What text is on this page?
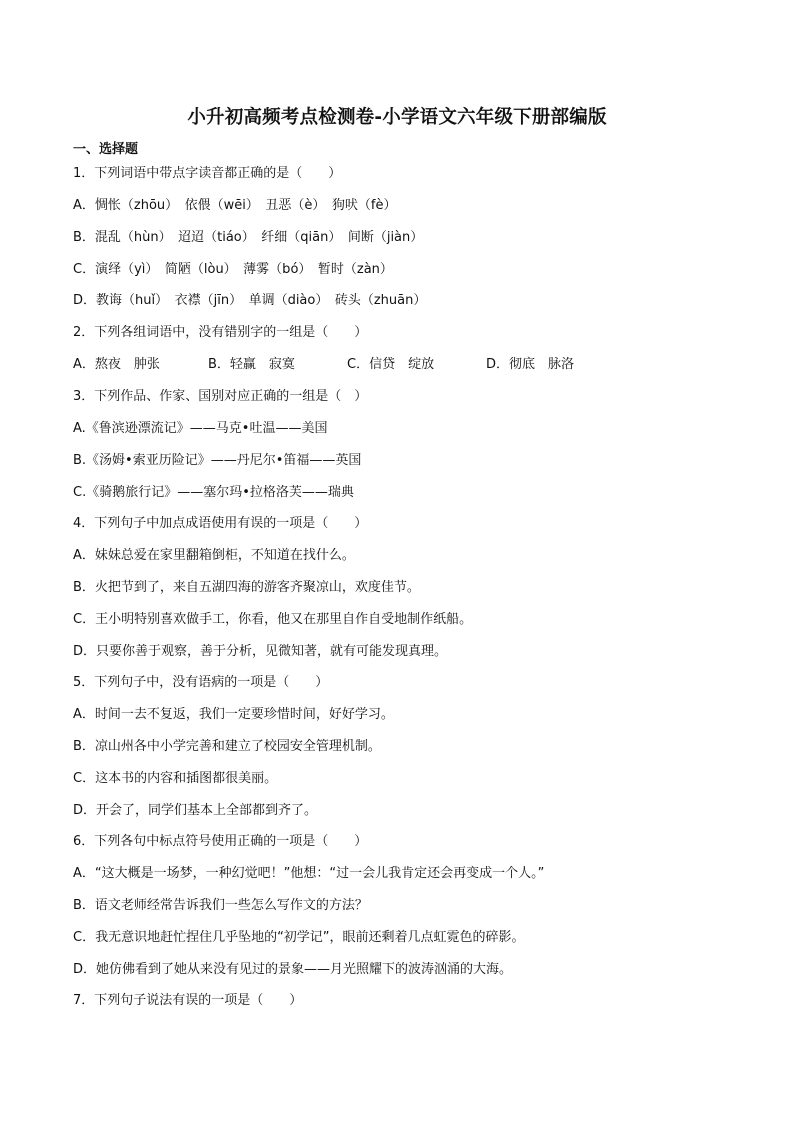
小升初高频考点检测卷-小学语文六年级下册部编版
一、选择题
1．下列词语中带点字读音都正确的是（　　）
A．惆怅（zhōu）　依偎（wēi）　丑恶（è）　狗吠（fè）
B．混乱（hùn）　迢迢（tiáo）　纤细（qiān）　间断（jiàn）
C．演绎（yì）　简陋（lòu）　薄雾（bó）　暂时（zàn）
D．教诲（huǐ）　衣襟（jīn）　单调（diào）　砖头（zhuān）
2．下列各组词语中，没有错别字的一组是（　　）

A．熬夜　肿张

	B．轻赢　寂寞

	C．信贷　绽放

	D．彻底　脉洛

3．下列作品、作家、国别对应正确的一组是（　）
A.《鲁滨逊漂流记》——马克•吐温——美国
B.《汤姆•索亚历险记》——丹尼尔•笛福——英国
C.《骑鹅旅行记》——塞尔玛•拉格洛芙——瑞典
4．下列句子中加点成语使用有误的一项是（　　）
A．妹妹总爱在家里翻箱倒柜，不知道在找什么。
B．火把节到了，来自五湖四海的游客齐聚凉山，欢度佳节。
C．王小明特别喜欢做手工，你看，他又在那里自作自受地制作纸船。
D．只要你善于观察，善于分析，见微知著，就有可能发现真理。
5．下列句子中，没有语病的一项是（　　）
A．时间一去不复返，我们一定要珍惜时间，好好学习。
B．凉山州各中小学完善和建立了校园安全管理机制。
C．这本书的内容和插图都很美丽。
D．开会了，同学们基本上全部都到齐了。
6．下列各句中标点符号使用正确的一项是（　　）
A．“这大概是一场梦，一种幻觉吧！”他想：“过一会儿我肯定还会再变成一个人。”
B．语文老师经常告诉我们一些怎么写作文的方法？
C．我无意识地赶忙捏住几乎坠地的“初学记”，眼前还剩着几点虹霓色的碎影。
D．她仿佛看到了她从来没有见过的景象——月光照耀下的波涛汹涌的大海。
7．下列句子说法有误的一项是（　　）
